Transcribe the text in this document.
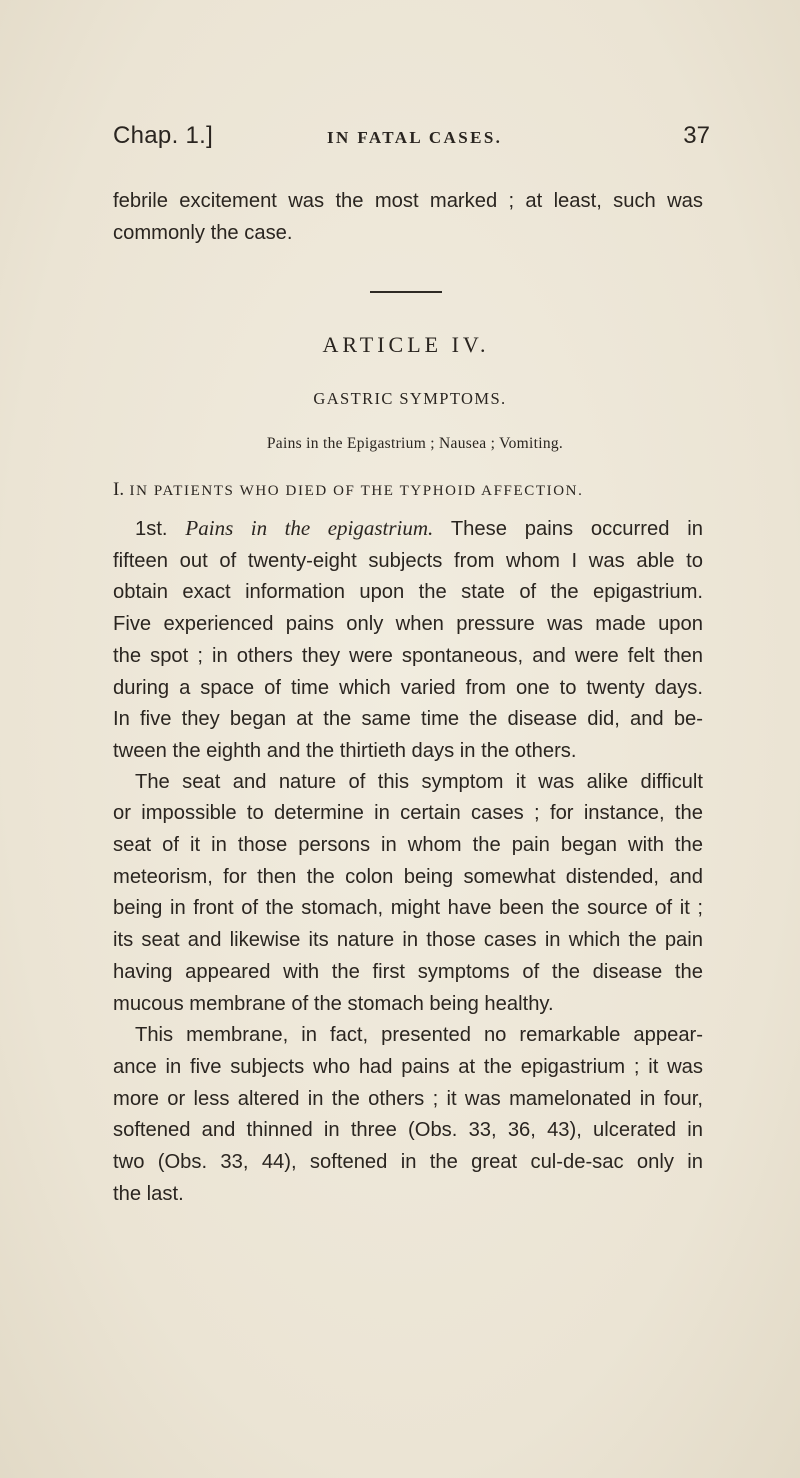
Chap. 1.]	IN FATAL CASES.	37

febrile excitement was the most marked ; at least, such was
commonly the case.

ARTICLE IV.
GASTRIC SYMPTOMS.
Pains in the Epigastrium ; Nausea ; Vomiting.
I. IN PATIENTS WHO DIED OF THE TYPHOID AFFECTION.

1st. Pains in the epigastrium. These pains occurred in
fifteen out of twenty-eight subjects from whom I was able to
obtain exact information upon the state of the epigastrium.
Five experienced pains only when pressure was made upon
the spot ; in others they were spontaneous, and were felt then
during a space of time which varied from one to twenty days.
In five they began at the same time the disease did, and be-
tween the eighth and the thirtieth days in the others.

The seat and nature of this symptom it was alike difficult
or impossible to determine in certain cases ; for instance, the
seat of it in those persons in whom the pain began with the
meteorism, for then the colon being somewhat distended, and
being in front of the stomach, might have been the source of it ;
its seat and likewise its nature in those cases in which the pain
having appeared with the first symptoms of the disease the
mucous membrane of the stomach being healthy.

This membrane, in fact, presented no remarkable appear-
ance in five subjects who had pains at the epigastrium ; it was
more or less altered in the others ; it was mamelonated in four,
softened and thinned in three (Obs. 33, 36, 43), ulcerated in
two (Obs. 33, 44), softened in the great cul-de-sac only in
the last.
